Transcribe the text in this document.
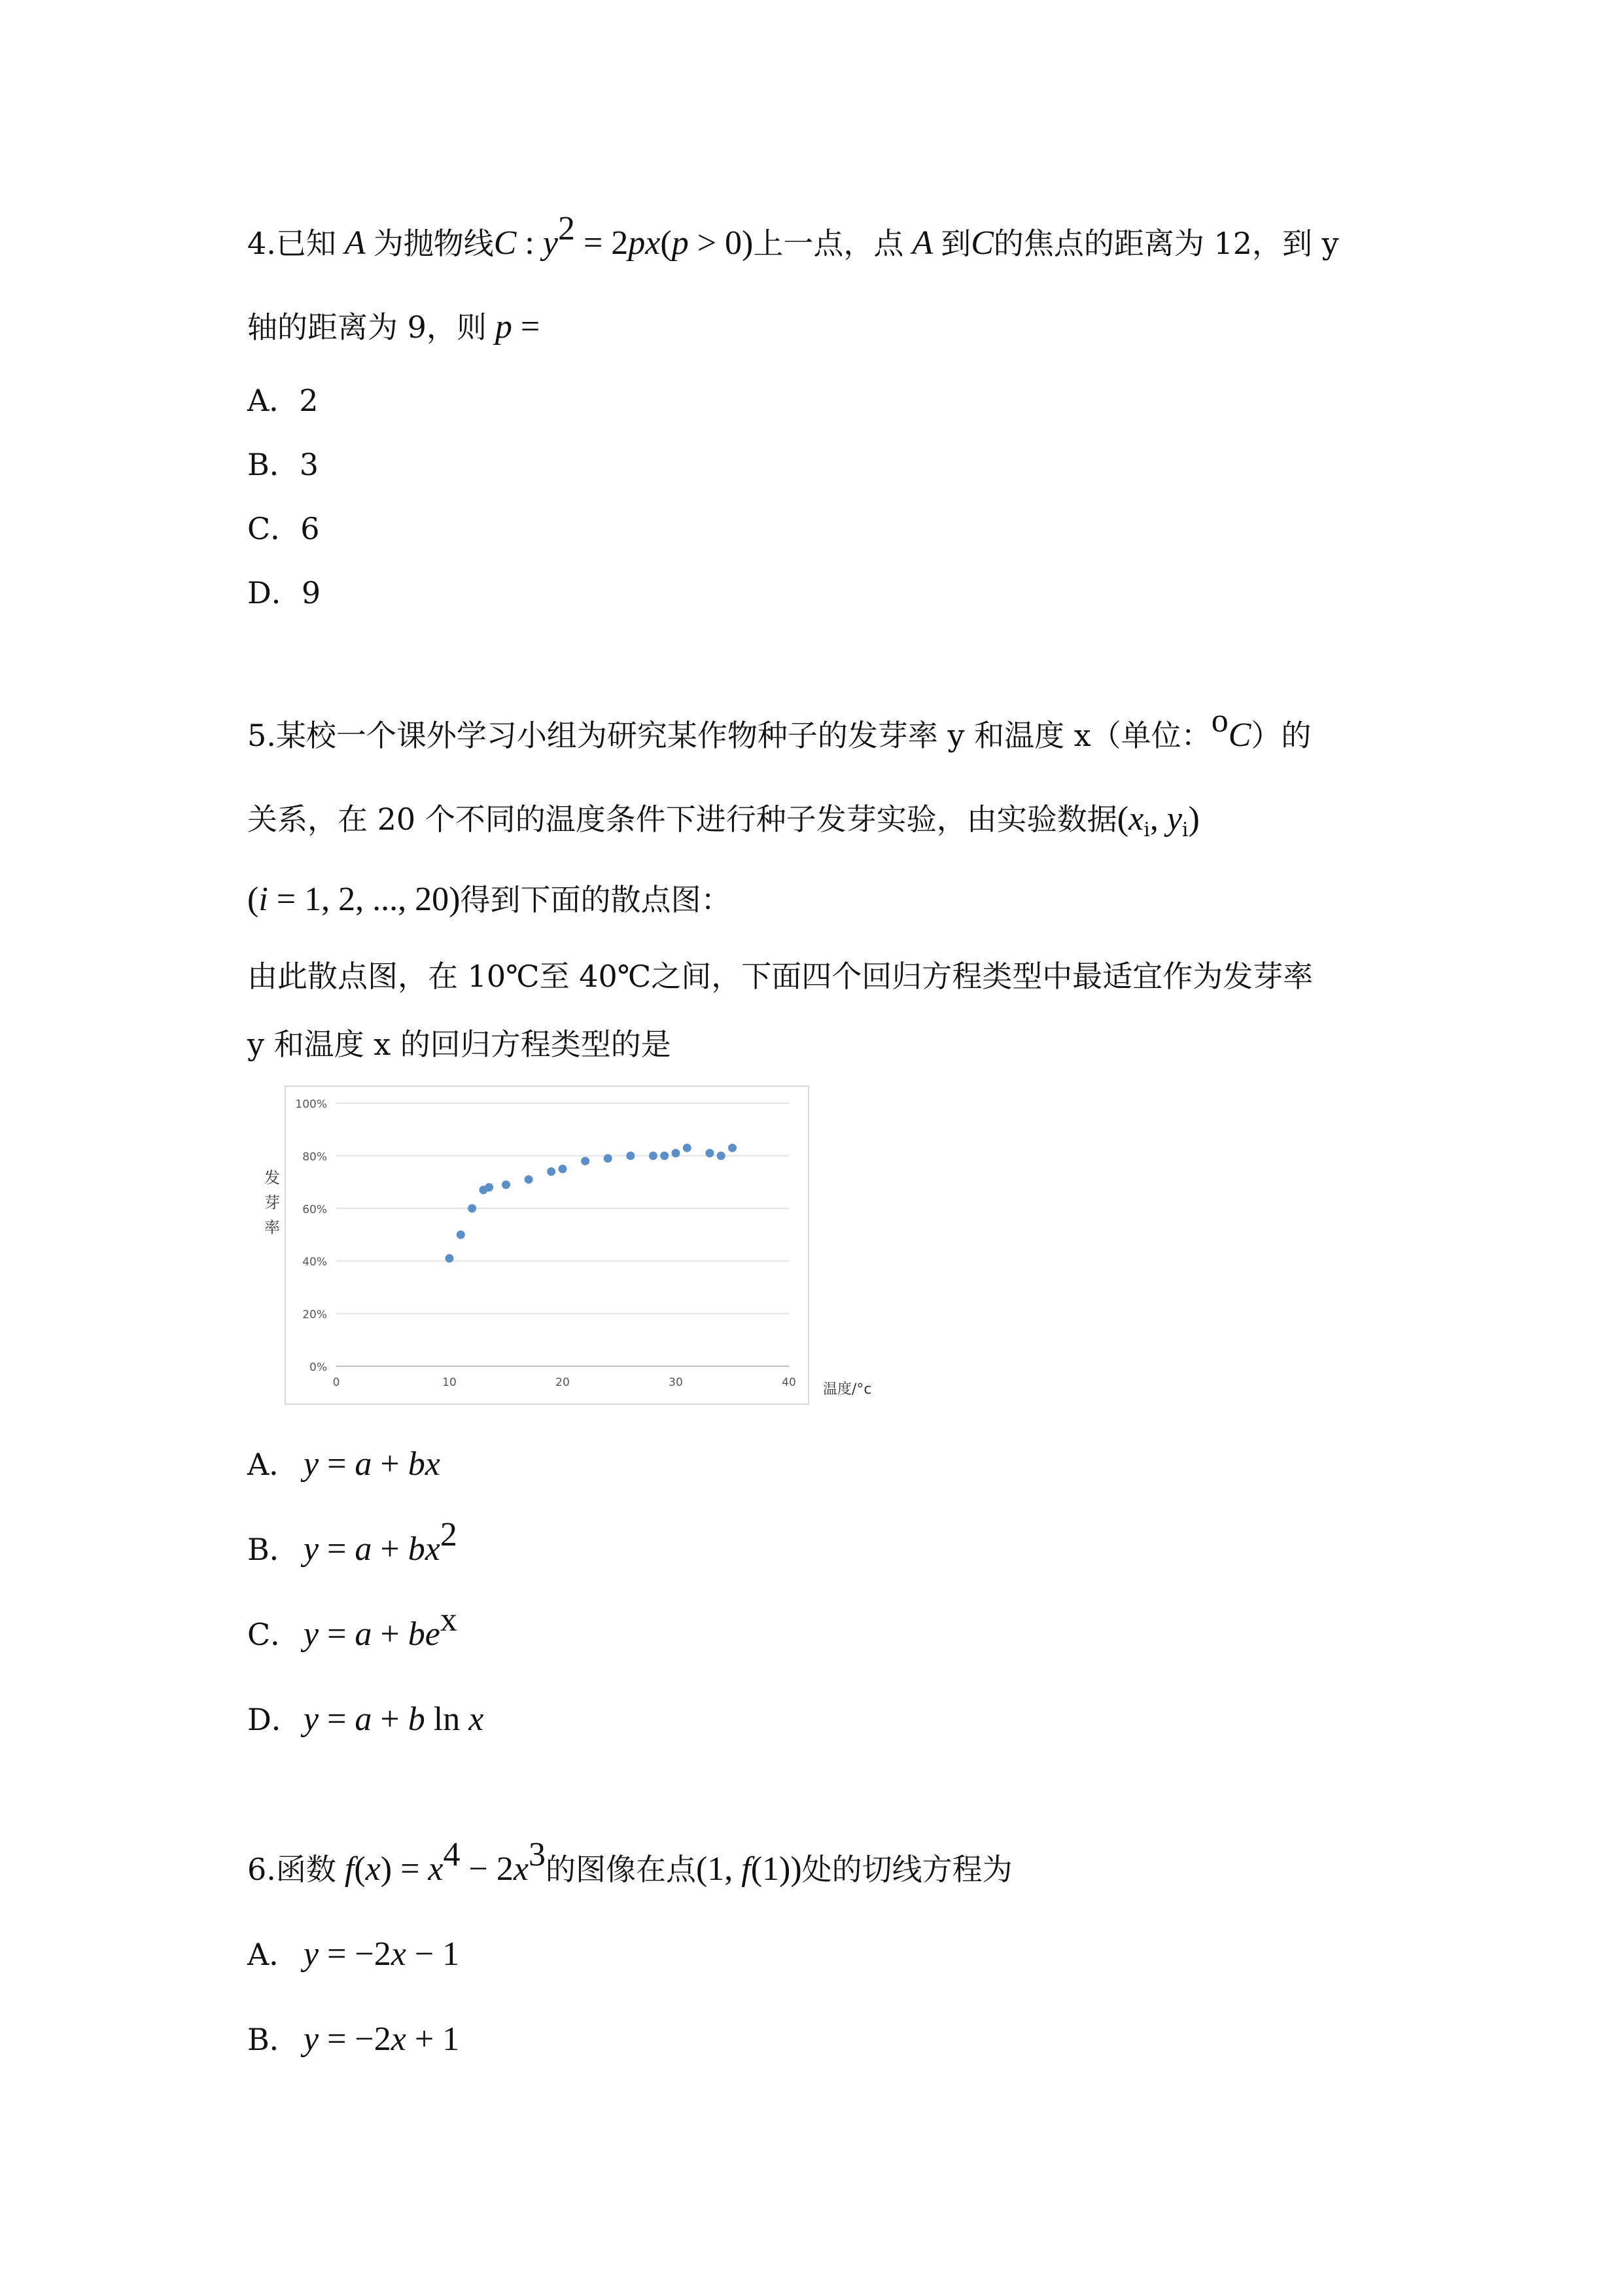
4.已知 A 为抛物线C : $y^2 = 2px(p > 0)$上一点，点 A 到C的焦点的距离为 12，到 y
轴的距离为 9，则 p =
A．2
B．3
C．6
D．9
5.某校一个课外学习小组为研究某作物种子的发芽率 y 和温度 x（单位：$^o$C）的
关系，在 20 个不同的温度条件下进行种子发芽实验，由实验数据($x_i$, $y_i$)
(i = 1, 2, ..., 20)得到下面的散点图：
由此散点图，在 10℃至 40℃之间，下面四个回归方程类型中最适宜作为发芽率
y 和温度 x 的回归方程类型的是
0%
20%
40%
60%
80%
100%
0	10	20	30	40
发芽率
温度/°c
A． y = a + bx
B． $y = a + bx^2$
C．$y = a + be^x$
D．y = a + b ln x
6.函数 $f(x) = x^4 - 2x^3$的图像在点(1, f(1))处的切线方程为
A． y = −2x − 1
B． y = −2x + 1
